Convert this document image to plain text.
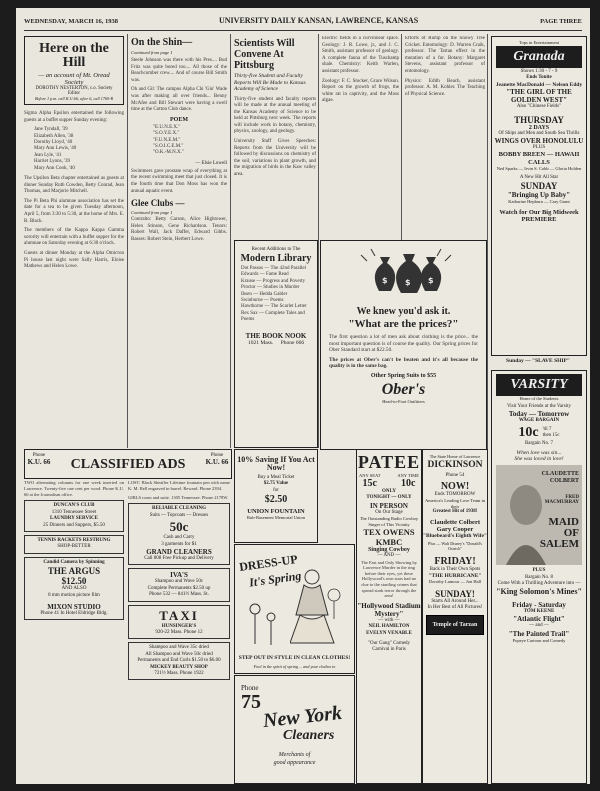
WEDNESDAY, MARCH 16, 1938	UNIVERSITY DAILY KANSAN, LAWRENCE, KANSAS	PAGE THREE
Here on the Hill
— an account of Mt. Oread Society
DOROTHY NESTERTON, c.o. Society Editor
Before 1 p.m. call K.U.66; after 6, call 1760-R

Sigma Alpha Epsilon entertained the following guests at a buffet supper Sunday evening:

Jane Tyndall, '39
Elizabeth Allen, '38
Dorothy Lloyd, '40
Mary Ann Lewis, '40
Jean Lyle, '41
Harriet Lyons, '39
Mary Ann Cook, '40

The Upsilon Beta chapter entertained as guests at dinner Sunday Ruth Cowden, Betty Conrad, Jean Thomas, and Marjorie Mitchell.

The Pi Beta Phi alumnae association has set the date for a tea to be given Tuesday afternoon, April 5, from 3:30 to 5:30, at the home of Mrs. E. B. Black.

The members of the Kappa Kappa Gamma sorority will entertain with a buffet supper for the alumnae on Saturday evening at 6:30 o'clock.

Guests at dinner Monday at the Alpha Omicron Pi house last night were Sally Harris, Eloise Mathews and Helen Lowe.

On the Shin—
Continued from page 1

Steele Johnson was there with his Pres.... Bud Fritz was quite bored too.... All those of the Beachcomber crew.... And of course Bill Smith was.

Oh and Gil: The campus Alpha Chi 'Gin' Wade was after making all over friends... Benny McAfee and Bill Stewart were having a swell time at the Cotton Club dance.

POEM
"E.U.N.E.X."
"S.O.Y.E.X."
"F.U.N.E.M."
"S.O.I.C.E.M."
"O.K.-M.N.X."
— Elsie Lowell

Swimmers gave prostate wrap of everything at the recent swimming meet that just closed. It is the fourth time that Don Moss has won the annual aquatic event.

Glee Clubs —
Continued from page 1

Contralto: Betty Carson, Alice Hightower, Helen Stinson, Gene Richardson. Tenors: Robert Wall, Jack Daffer, Edward Gibbs. Basses: Robert Stein, Herbert Lowe.

Scientists Will Convene At Pittsburg
Thirty-five Student and Faculty Reports Will Be Made to Kansas Academy of Science

Thirty-five student and faculty reports will be made at the annual meeting of the Kansas Academy of Science to be held at Pittsburg next week. The reports will include work in botany, chemistry, physics, zoology, and geology.

University Staff Gives Speeches: Reports from the University will be followed by discussions on chemistry of the soil, variations in plant growth, and the migration of birds in the Kaw valley area.

Electric fields in a curvilinear space. Geology: J. R. Lowe, jr., and J. C. Smith, assistant professor of geology. A complete fauna of the Tuschamp shale. Chemistry: Keith Warlen, assistant professor.

Zoology: F. C. Stocker, Grace Wilson. Report on the growth of frogs, the white rat in captivity, and the Moss algae.

Efforts of Rump on the Snowy Tree Cricket. Entomology: D. Warren Craik, professor. The Tartan effect in the mutation of a fur. Botany: Margaret Stevens, assistant professor of entomology.

Physics: Edith Beach, assistant professor. A. M. Kohler. The Teaching of Physical Science.

Recent Additions to The
Modern Library
Dot Passos — The 42nd Parallel
Edwards — Fame Read
Krause — Progress and Poverty
Proctor — Studies in Murder
Ibsen — Hedda Gabler
Swinburne — Poems
Hawthorne — The Scarlet Letter
Rex Sax — Complete Tales and Poems
THE BOOK NOOK
1021 Mass. Phone 666
$ $ $
We knew you'd ask it.
"What are the prices?"

The first question a lot of men ask about clothing is the price... the most important question is of course the quality. Our Spring prices for Ober Standard start at $22.50.

The prices at Ober's can't be beaten and it's all because the quality is in the same bag.

Other Spring Suits to $55
Ober's
Head-to-Foot Outfitters
Phone
K.U. 66	CLASSIFIED ADS
Phone
K.U. 66

TWO alternating columns for one week inserted on Lawrence. Twenty-five one cent per word. Phone K.U. 66 at the Journalism office.

DUNCAN'S CLUB
1310 Tennessee Street
LAUNDRY SERVICE
25 Dinners and Suppers, $5.50
TENNIS RACKETS RESTRUNG
SHOP-BETTER
Candid Camera by Spinning
THE ARGUS
$12.50
AND ALSO
8 mm motion picture film
MIXON STUDIO
Phone 41 In Hotel Eldridge Bldg.

LOST: Black Sheaffer Lifetime fountain pen with name K. M. Bell engraved in barrel. Reward. Phone 2394.

GIRLS room and suite. 1305 Tennessee. Phone 2178W.

RELIABLE CLEANING
Suits — Topcoats — Dresses
50c
Cash and Carry
3 garments for $1
GRAND CLEANERS
Call 808 Free Pickup and Delivery
IVA'S
Shampoo and Wave 50c
Complete Permanents $2.50 up
Phone 532 — 841½ Mass. St.
TAXI
HUNSINGER'S
920-22 Mass. Phone 12
Shampoo and Wave 35c dried
All Shampoo and Wave 50c dried
Permanents and End Curls $1.50 to $6.00
MICKEY BEAUTY SHOP
721½ Mass. Phone 1922
10% Saving If You Act Now!
Buy a Meal Ticket
$2.75 Value
for
$2.50
UNION FOUNTAIN
Rub-Basement Memorial Union
DRESS-UP
It's Spring
STEP OUT IN STYLE IN CLEAN CLOTHES!
Fool in the spirit of spring ... and your clothes to
Phone
75 New York
Cleaners
Merchants of
good appearance
PATEE
ANY SEAT
15c
ANY TIME
10c
ONLY
TONIGHT — ONLY
IN PERSON
On Our Stage
The Outstanding Radio Cowboy Singer of This Vicinity
TEX OWENS
KMBC
Singing Cowboy
— AND —

The Fast and Only Showing by Lawrence Murder in the ring before their eyes, yet these Hollywood's own stars had no clue to the startling crimes that spread stark terror through the area!

"Hollywood Stadium Mystery"
— with —
NEIL HAMILTON
EVELYN VENABLE
"Our Gang" Comedy
Carnival in Paris
The State Home of Lawrence
DICKINSON
Phone 54
NOW!
Ends TOMORROW
America's Leading Love Team in their
Greatest Hit of 1938!
Claudette Colbert
Gary Cooper
"Bluebeard's Eighth Wife"
Plus — Walt Disney's "Donald's Ostrich"
FRIDAY!
Back in Their Own Spots
"THE HURRICANE"
Dorothy Lamour — Jon Hall
SUNDAY!
Starts All Around Her...
In Her Best of All Pictures!
Temple of Tarzan
Tops in Entertainment
Granada
Shows 1:30 - 7 - 9
Ends Tonite
Jeanette MacDonald — Nelson Eddy
"THE GIRL OF THE GOLDEN WEST"
Also "Chinese Fields"
THURSDAY
2 DAYS
Of Ships and Men and South Sea Thrills
WINGS OVER HONOLULU
PLUS
BOBBY BREEN — HAWAII CALLS
Ned Sparks — Irvin S. Cobb — Gloria Holden
A New Hit All Star
SUNDAY
"Bringing Up Baby"
Katharine Hepburn — Cary Grant
Watch for Our Big Midweek PREMIERE
Sunday — "SLAVE SHIP"
VARSITY
Home of the Students
Visit Your Friends at the Varsity
Today — Tomorrow
WAGE BARGAIN
10c 'til 7
then 15c
Bargain No. 7
When love was sin...
She was loved in love!
CLAUDETTE COLBERT
FRED MACMURRAY
MAID OF SALEM
PLUS
Bargain No. 8
Come With a Thrilling Adventure into —
"King Solomon's Mines"
Friday - Saturday
TOM KEENE
"Atlantic Flight"
— and —
"The Painted Trail"
Popeye Cartoon and Comedy
